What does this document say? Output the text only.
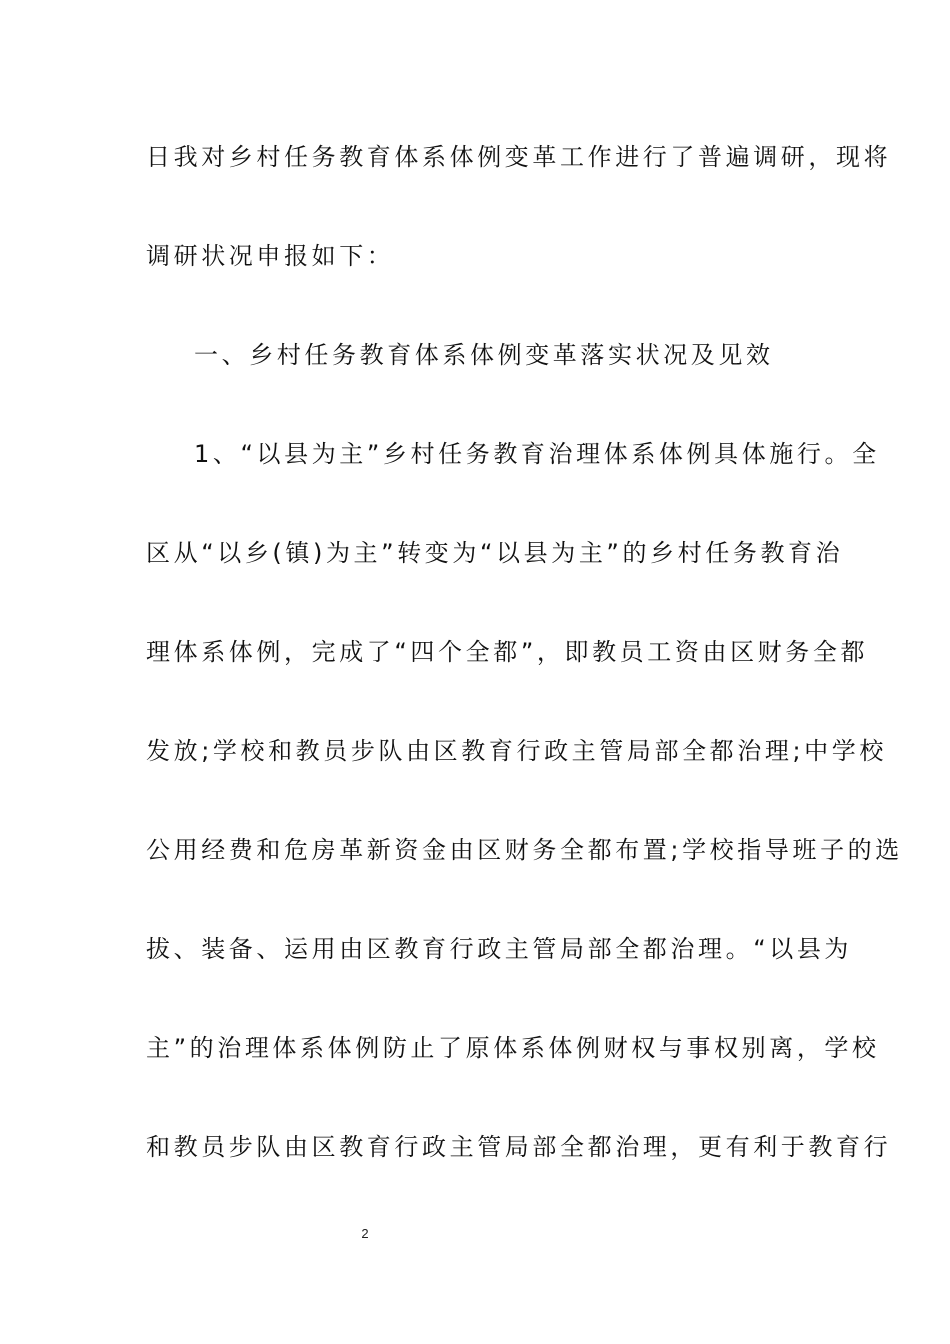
日我对乡村任务教育体系体例变革工作进行了普遍调研，现将
调研状况申报如下：
一、乡村任务教育体系体例变革落实状况及见效
1、“以县为主”乡村任务教育治理体系体例具体施行。全
区从“以乡(镇)为主”转变为“以县为主”的乡村任务教育治
理体系体例，完成了“四个全都”，即教员工资由区财务全都
发放;学校和教员步队由区教育行政主管局部全都治理;中学校
公用经费和危房革新资金由区财务全都布置;学校指导班子的选
拔、装备、运用由区教育行政主管局部全都治理。“以县为
主”的治理体系体例防止了原体系体例财权与事权别离，学校
和教员步队由区教育行政主管局部全都治理，更有利于教育行
2
